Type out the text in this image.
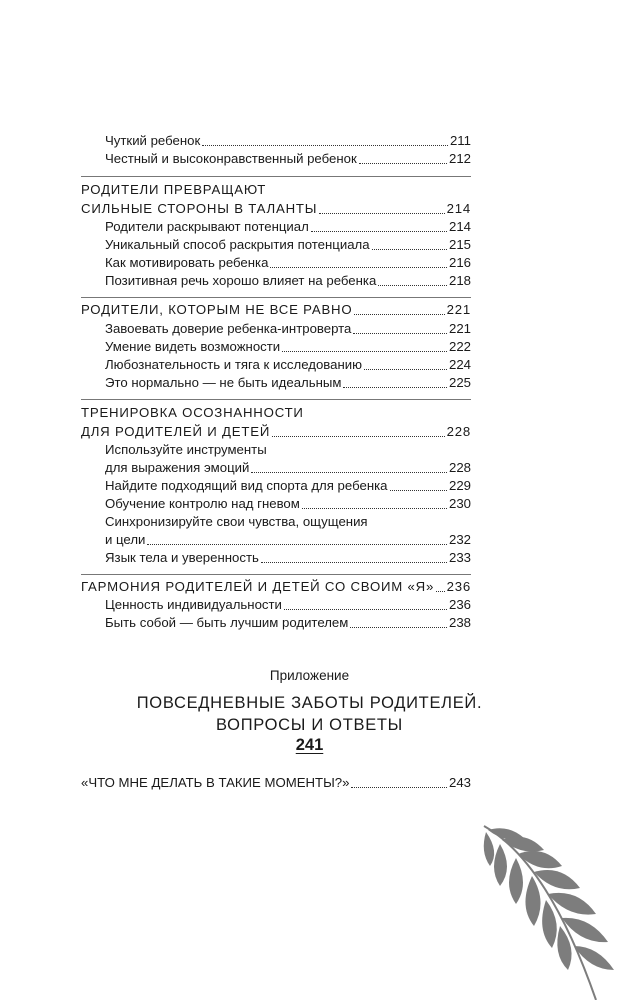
Чуткий ребенок	211
Честный и высоконравственный ребенок	212
РОДИТЕЛИ ПРЕВРАЩАЮТ
СИЛЬНЫЕ СТОРОНЫ В ТАЛАНТЫ	214
Родители раскрывают потенциал	214
Уникальный способ раскрытия потенциала	215
Как мотивировать ребенка	216
Позитивная речь хорошо влияет на ребенка	218
РОДИТЕЛИ, КОТОРЫМ НЕ ВСЕ РАВНО	221
Завоевать доверие ребенка-интроверта	221
Умение видеть возможности	222
Любознательность и тяга к исследованию	224
Это нормально — не быть идеальным	225
ТРЕНИРОВКА ОСОЗНАННОСТИ
ДЛЯ РОДИТЕЛЕЙ И ДЕТЕЙ	228
Используйте инструменты
для выражения эмоций	228
Найдите подходящий вид спорта для ребенка	229
Обучение контролю над гневом	230
Синхронизируйте свои чувства, ощущения
и цели	232
Язык тела и уверенность	233
ГАРМОНИЯ РОДИТЕЛЕЙ И ДЕТЕЙ СО СВОИМ «Я» 236
Ценность индивидуальности	236
Быть собой — быть лучшим родителем	238
«ЧТО МНЕ ДЕЛАТЬ В ТАКИЕ МОМЕНТЫ?»	243
Приложение
ПОВСЕДНЕВНЫЕ ЗАБОТЫ РОДИТЕЛЕЙ.
ВОПРОСЫ И ОТВЕТЫ
241
